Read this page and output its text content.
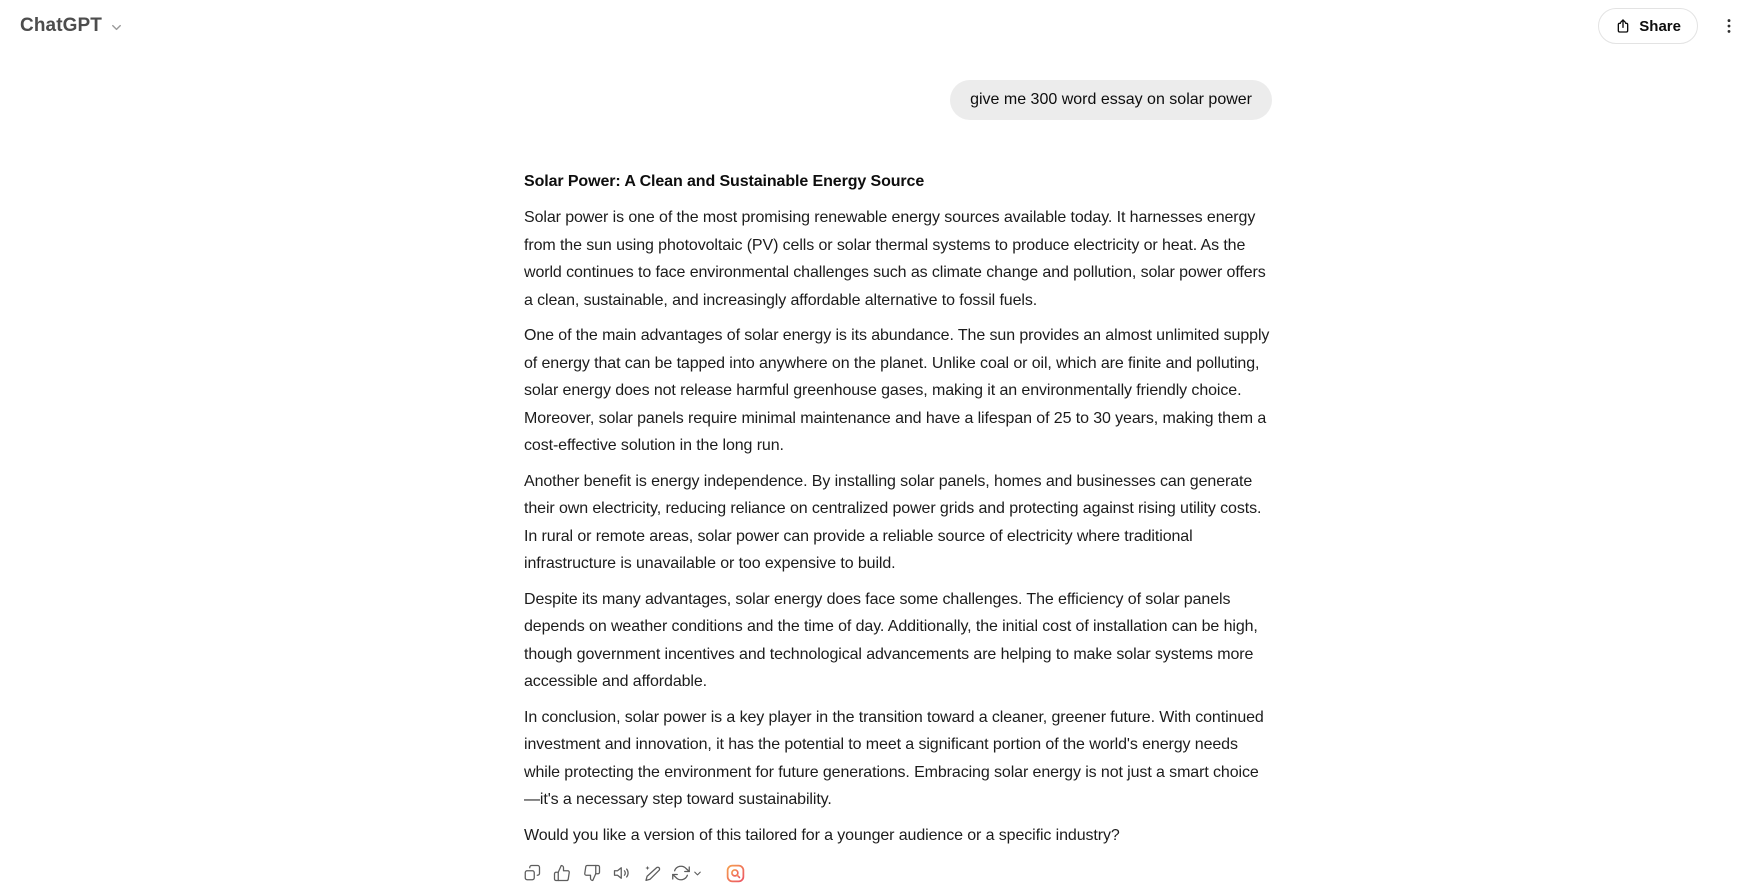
ChatGPT	Share
give me 300 word essay on solar power
Solar Power: A Clean and Sustainable Energy Source

Solar power is one of the most promising renewable energy sources available today. It harnesses energy from the sun using photovoltaic (PV) cells or solar thermal systems to produce electricity or heat. As the world continues to face environmental challenges such as climate change and pollution, solar power offers a clean, sustainable, and increasingly affordable alternative to fossil fuels.

One of the main advantages of solar energy is its abundance. The sun provides an almost unlimited supply of energy that can be tapped into anywhere on the planet. Unlike coal or oil, which are finite and polluting, solar energy does not release harmful greenhouse gases, making it an environmentally friendly choice. Moreover, solar panels require minimal maintenance and have a lifespan of 25 to 30 years, making them a cost-effective solution in the long run.

Another benefit is energy independence. By installing solar panels, homes and businesses can generate their own electricity, reducing reliance on centralized power grids and protecting against rising utility costs. In rural or remote areas, solar power can provide a reliable source of electricity where traditional infrastructure is unavailable or too expensive to build.

Despite its many advantages, solar energy does face some challenges. The efficiency of solar panels depends on weather conditions and the time of day. Additionally, the initial cost of installation can be high, though government incentives and technological advancements are helping to make solar systems more accessible and affordable.

In conclusion, solar power is a key player in the transition toward a cleaner, greener future. With continued investment and innovation, it has the potential to meet a significant portion of the world's energy needs while protecting the environment for future generations. Embracing solar energy is not just a smart choice—it's a necessary step toward sustainability.

Would you like a version of this tailored for a younger audience or a specific industry?
